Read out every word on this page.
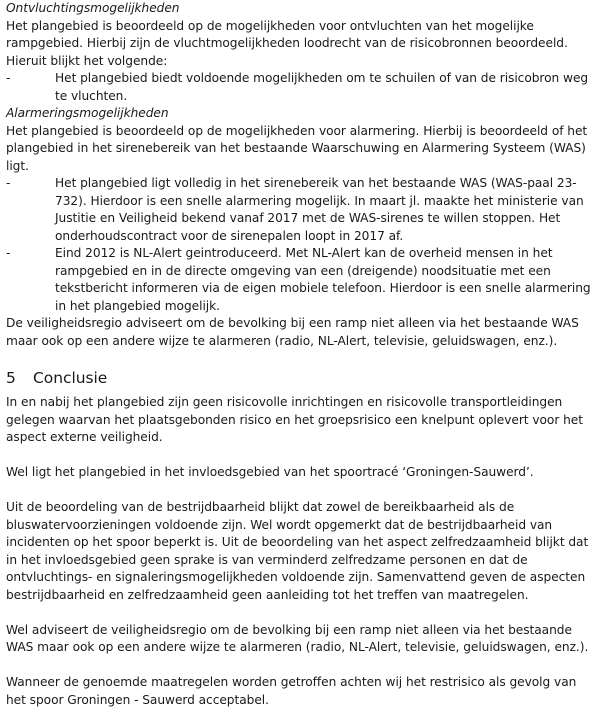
Ontvluchtingsmogelijkheden

Het plangebied is beoordeeld op de mogelijkheden voor ontvluchten van het mogelijke rampgebied. Hierbij zijn de vluchtmogelijkheden loodrecht van de risicobronnen beoordeeld. Hieruit blijkt het volgende:

-	Het plangebied biedt voldoende mogelijkheden om te schuilen of van de risicobron weg te vluchten.

Alarmeringsmogelijkheden

Het plangebied is beoordeeld op de mogelijkheden voor alarmering. Hierbij is beoordeeld of het plangebied in het sirenebereik van het bestaande Waarschuwing en Alarmering Systeem (WAS) ligt.

-	Het plangebied ligt volledig in het sirenebereik van het bestaande WAS (WAS-paal 23-732). Hierdoor is een snelle alarmering mogelijk. In maart jl. maakte het ministerie van Justitie en Veiligheid bekend vanaf 2017 met de WAS-sirenes te willen stoppen. Het onderhoudscontract voor de sirenepalen loopt in 2017 af.
-	Eind 2012 is NL-Alert geintroduceerd. Met NL-Alert kan de overheid mensen in het rampgebied en in de directe omgeving van een (dreigende) noodsituatie met een tekstbericht informeren via de eigen mobiele telefoon. Hierdoor is een snelle alarmering in het plangebied mogelijk.

De veiligheidsregio adviseert om de bevolking bij een ramp niet alleen via het bestaande WAS maar ook op een andere wijze te alarmeren (radio, NL-Alert, televisie, geluidswagen, enz.).

5	Conclusie

In en nabij het plangebied zijn geen risicovolle inrichtingen en risicovolle transportleidingen gelegen waarvan het plaatsgebonden risico en het groepsrisico een knelpunt oplevert voor het aspect externe veiligheid.

Wel ligt het plangebied in het invloedsgebied van het spoortracé ‘Groningen-Sauwerd’.

Uit de beoordeling van de bestrijdbaarheid blijkt dat zowel de bereikbaarheid als de bluswatervoorzieningen voldoende zijn. Wel wordt opgemerkt dat de bestrijdbaarheid van incidenten op het spoor beperkt is. Uit de beoordeling van het aspect zelfredzaamheid blijkt dat in het invloedsgebied geen sprake is van verminderd zelfredzame personen en dat de ontvluchtings- en signaleringsmogelijkheden voldoende zijn. Samenvattend geven de aspecten bestrijdbaarheid en zelfredzaamheid geen aanleiding tot het treffen van maatregelen.

Wel adviseert de veiligheidsregio om de bevolking bij een ramp niet alleen via het bestaande WAS maar ook op een andere wijze te alarmeren (radio, NL-Alert, televisie, geluidswagen, enz.).

Wanneer de genoemde maatregelen worden getroffen achten wij het restrisico als gevolg van het spoor Groningen - Sauwerd acceptabel.
